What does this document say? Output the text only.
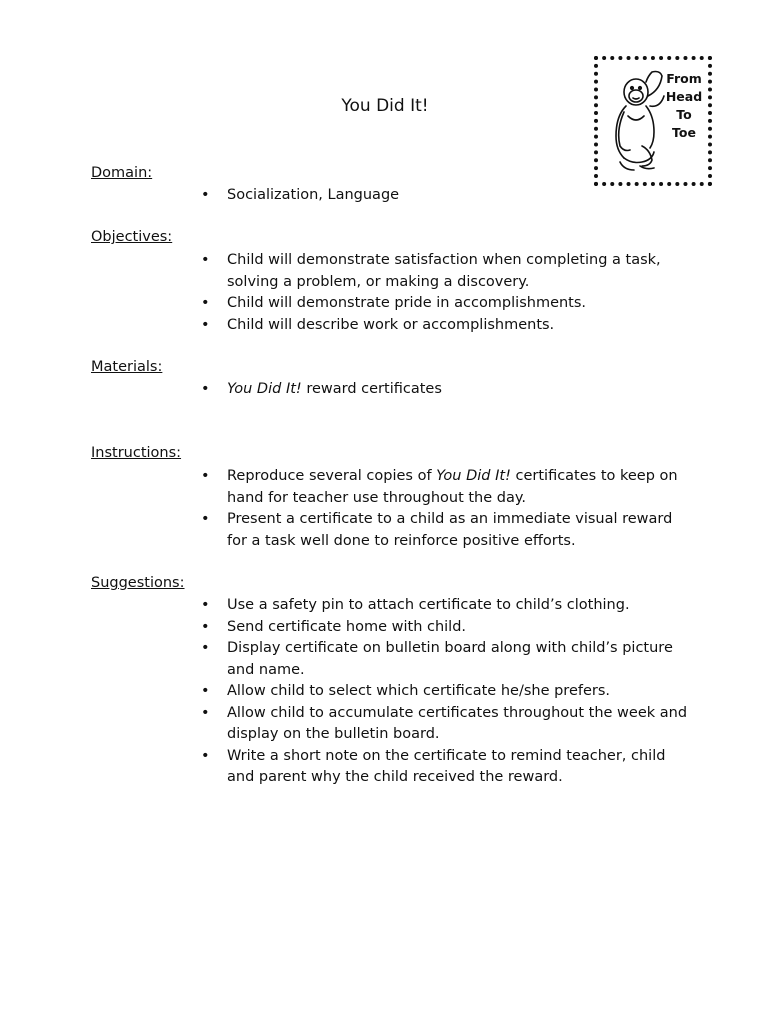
You Did It!
From
Head
To
Toe
Domain:
• Socialization, Language
Objectives:
• Child will demonstrate satisfaction when completing a task, solving a problem, or making a discovery.
• Child will demonstrate pride in accomplishments.
• Child will describe work or accomplishments.
Materials:
• You Did It! reward certificates
Instructions:
• Reproduce several copies of You Did It! certificates to keep on hand for teacher use throughout the day.
• Present a certificate to a child as an immediate visual reward for a task well done to reinforce positive efforts.
Suggestions:
• Use a safety pin to attach certificate to child’s clothing.
• Send certificate home with child.
• Display certificate on bulletin board along with child’s picture and name.
• Allow child to select which certificate he/she prefers.
• Allow child to accumulate certificates throughout the week and display on the bulletin board.
• Write a short note on the certificate to remind teacher, child and parent why the child received the reward.
